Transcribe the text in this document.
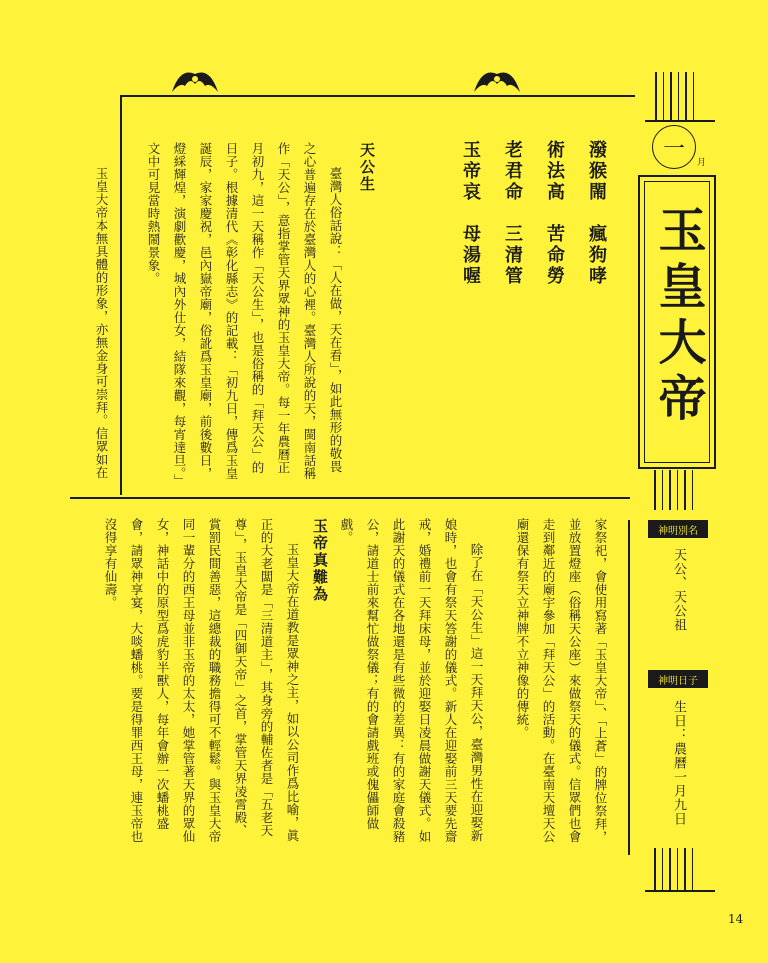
一
月
玉皇大帝
天公生

臺灣人俗話說：「人在做，天在看」，如此無形的敬畏之心普遍存在於臺灣人的心裡。臺灣人所說的天，閩南話稱作「天公」，意指掌管天界眾神的玉皇大帝。每一年農曆正月初九，這一天稱作「天公生」，也是俗稱的「拜天公」的日子。根據清代《彰化縣志》的記載：「初九日，傳爲玉皇誕辰，家家慶祝，邑內嶽帝廟，俗訛爲玉皇廟，前後數日，燈綵輝煌，演劇歡慶，城內外仕女，結隊來觀，每宵達旦。」文中可見當時熱鬧景象。

玉皇大帝本無具體的形象，亦無金身可崇拜。信眾如在	潑猴閙　瘋狗哮
術法高　苦命勞
老君命　三清管
玉帝哀　母湯喔

家祭祀，會使用寫著「玉皇大帝」、「上蒼」的牌位祭拜，並放置燈座（俗稱天公座）來做祭天的儀式。信眾們也會走到鄰近的廟宇參加「拜天公」的活動。在臺南天壇天公廟還保有祭天立神牌不立神像的傳統。

除了在「天公生」這一天拜天公，臺灣男性在迎娶新娘時，也會有祭天答謝的儀式。新人在迎娶前三天要先齋戒，婚禮前一天拜床母，並於迎娶日凌晨做謝天儀式。如此謝天的儀式在各地還是有些微的差異：有的家庭會殺豬公，請道士前來幫忙做祭儀；有的會請戲班或傀儡師做戲。

玉帝真難為

玉皇大帝在道教是眾神之主，如以公司作爲比喻，眞正的大老闆是「三清道主」，其身旁的輔佐者是「五老天尊」，玉皇大帝是「四御天帝」之首，掌管天界凌霄殿、賞罰民間善惡，這總裁的職務擔得可不輕鬆。與玉皇大帝同一輩分的西王母並非玉帝的太太，她掌管著天界的眾仙女，神話中的原型爲虎豹半獸人，每年會辦一次蟠桃盛會，請眾神享宴，大啖蟠桃。要是得罪西王母，連玉帝也沒得享有仙壽。	神明別名
天公、天公祖
神明日子
生日：農曆一月九日
14
